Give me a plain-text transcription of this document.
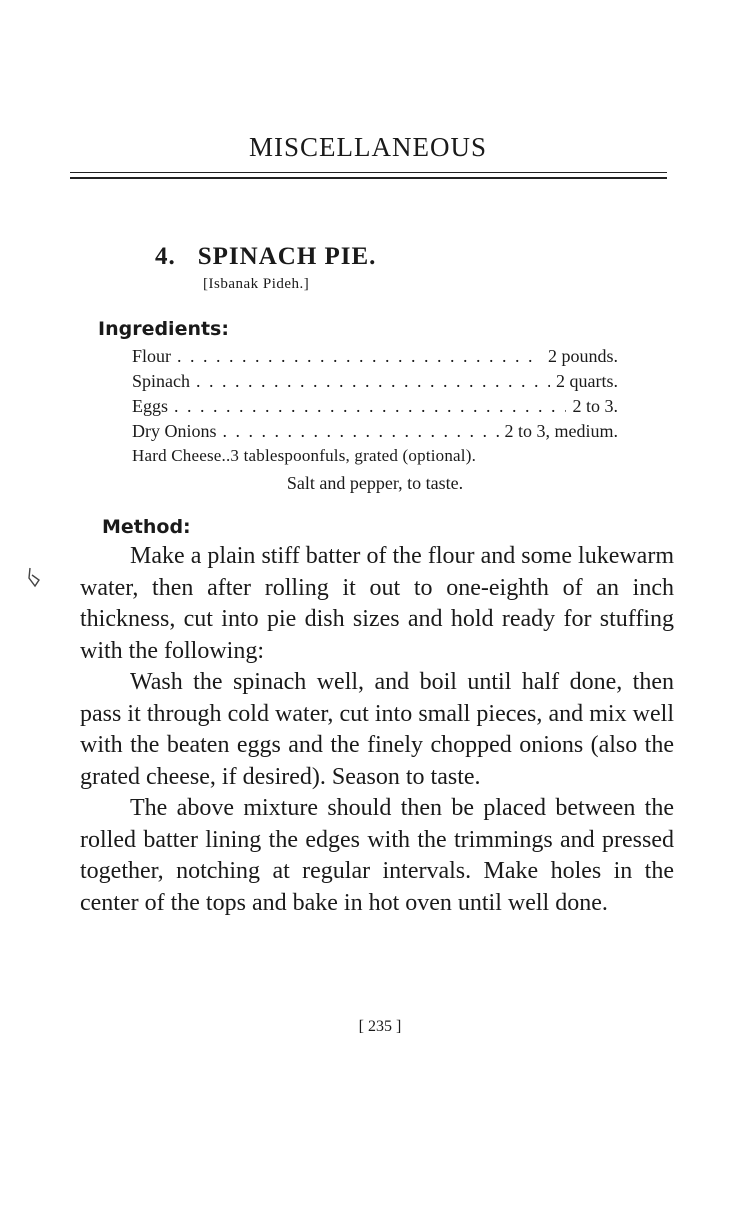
MISCELLANEOUS
4. SPINACH PIE.
[Isbanak Pideh.]
Ingredients:
Flour . . .	2 pounds.
Spinach . . .	2 quarts.
Eggs . . .	2 to 3.
Dry Onions . . .	2 to 3, medium.
Hard Cheese..3 tablespoonfuls, grated (optional).
Salt and pepper, to taste.
Method:

Make a plain stiff batter of the flour and some lukewarm water, then after rolling it out to one-eighth of an inch thickness, cut into pie dish sizes and hold ready for stuffing with the following:

Wash the spinach well, and boil until half done, then pass it through cold water, cut into small pieces, and mix well with the beaten eggs and the finely chopped onions (also the grated cheese, if desired). Season to taste.

The above mixture should then be placed between the rolled batter lining the edges with the trimmings and pressed together, notching at regular intervals. Make holes in the center of the tops and bake in hot oven until well done.

[ 235 ]
